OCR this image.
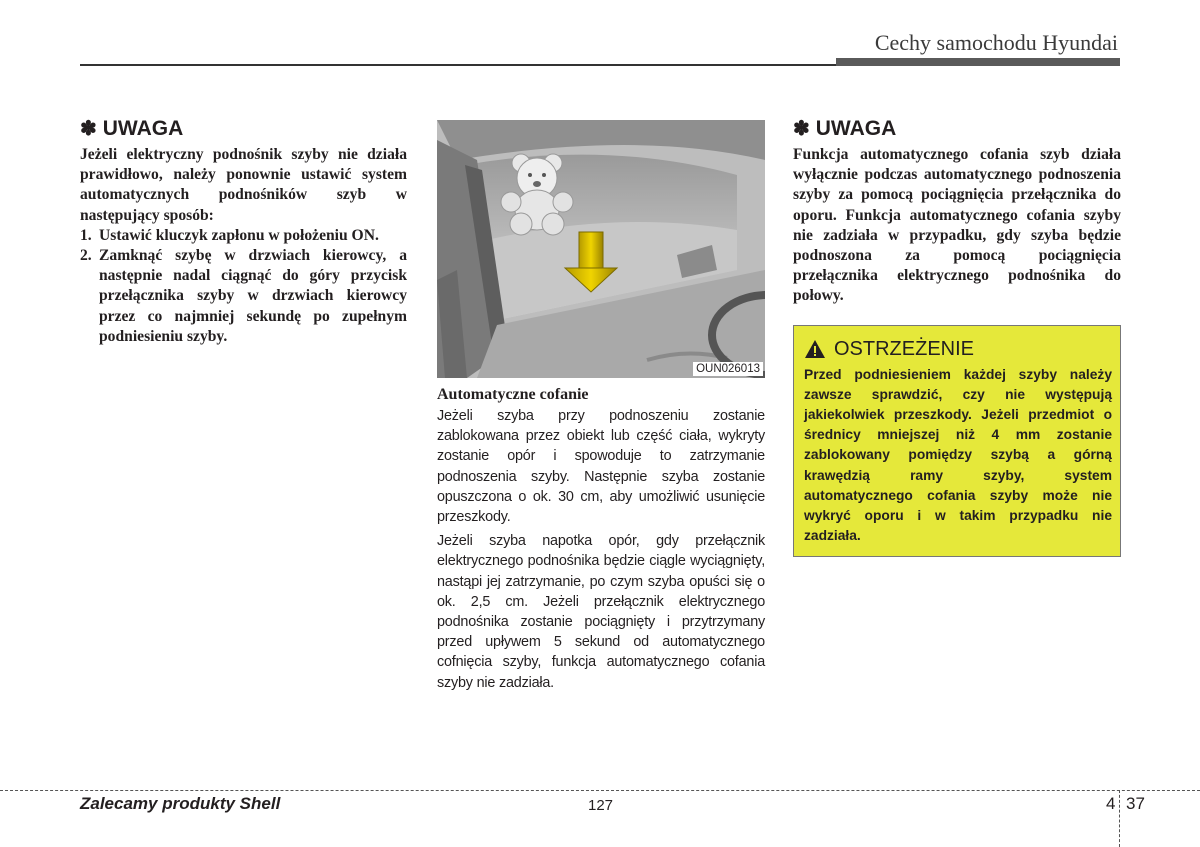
Cechy samochodu Hyundai
✽ UWAGA

Jeżeli elektryczny podnośnik szyby nie działa prawidłowo, należy ponownie ustawić system automatycznych podnośników szyb w następujący sposób:

1. Ustawić kluczyk zapłonu w położeniu ON.
2. Zamknąć szybę w drzwiach kierowcy, a następnie nadal ciągnąć do góry przycisk przełącznika szyby w drzwiach kierowcy przez co najmniej sekundę po zupełnym podniesieniu szyby.
OUN026013
Automatyczne cofanie

Jeżeli szyba przy podnoszeniu zostanie zablokowana przez obiekt lub część ciała, wykryty zostanie opór i spowoduje to zatrzymanie podnoszenia szyby. Następnie szyba zostanie opuszczona o ok. 30 cm, aby umożliwić usunięcie przeszkody.

Jeżeli szyba napotka opór, gdy przełącznik elektrycznego podnośnika będzie ciągle wyciągnięty, nastąpi jej zatrzymanie, po czym szyba opuści się o ok. 2,5 cm. Jeżeli przełącznik elektrycznego podnośnika zostanie pociągnięty i przytrzymany przed upływem 5 sekund od automatycznego cofnięcia szyby, funkcja automatycznego cofania szyby nie zadziała.

✽ UWAGA

Funkcja automatycznego cofania szyb działa wyłącznie podczas automatycznego podnoszenia szyby za pomocą pociągnięcia przełącznika do oporu. Funkcja automatycznego cofania szyby nie zadziała w przypadku, gdy szyba będzie podnoszona za pomocą pociągnięcia przełącznika elektrycznego podnośnika do połowy.

OSTRZEŻENIE

Przed podniesieniem każdej szyby należy zawsze sprawdzić, czy nie występują jakiekolwiek przeszkody. Jeżeli przedmiot o średnicy mniejszej niż 4 mm zostanie zablokowany pomiędzy szybą a górną krawędzią ramy szyby, system automatycznego cofania szyby może nie wykryć oporu i w takim przypadku nie zadziała.

Zalecamy produkty Shell	127	4 37
